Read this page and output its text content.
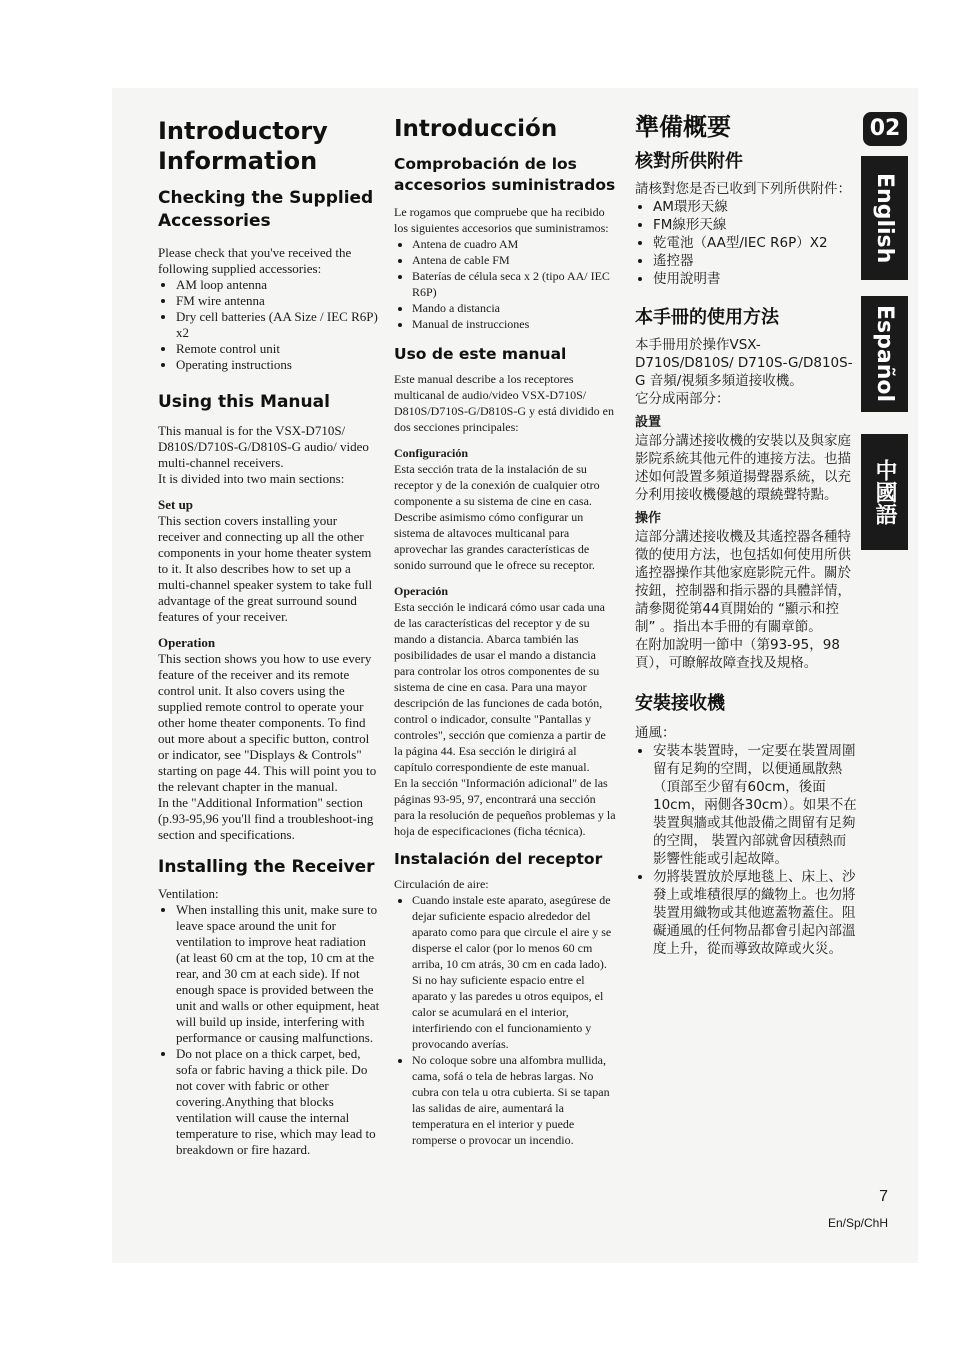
Introductory Information
Checking the Supplied Accessories

Please check that you've received the following supplied accessories:

• AM loop antenna
• FM wire antenna
• Dry cell batteries (AA Size / IEC R6P) x2
• Remote control unit
• Operating instructions
Using this Manual

This manual is for the VSX-D710S/ D810S/D710S-G/D810S-G audio/ video multi-channel receivers.

It is divided into two main sections:

Set up

This section covers installing your receiver and connecting up all the other components in your home theater system to it. It also describes how to set up a multi-channel speaker system to take full advantage of the great surround sound features of your receiver.

Operation

This section shows you how to use every feature of the receiver and its remote control unit. It also covers using the supplied remote control to operate your other home theater components. To find out more about a specific button, control or indicator, see "Displays & Controls" starting on page 44. This will point you to the relevant chapter in the manual.

In the "Additional Information" section (p.93-95,96 you'll find a troubleshoot-ing section and specifications.

Installing the Receiver

Ventilation:

• When installing this unit, make sure to leave space around the unit for ventilation to improve heat radiation (at least 60 cm at the top, 10 cm at the rear, and 30 cm at each side). If not enough space is provided between the unit and walls or other equipment, heat will build up inside, interfering with performance or causing malfunctions.
• Do not place on a thick carpet, bed, sofa or fabric having a thick pile. Do not cover with fabric or other covering.Anything that blocks ventilation will cause the internal temperature to rise, which may lead to breakdown or fire hazard.
Introducción
Comprobación de los accesorios suministrados

Le rogamos que compruebe que ha recibido los siguientes accesorios que suministramos:

• Antena de cuadro AM
• Antena de cable FM
• Baterías de célula seca x 2 (tipo AA/ IEC R6P)
• Mando a distancia
• Manual de instrucciones
Uso de este manual

Este manual describe a los receptores multicanal de audio/video VSX-D710S/ D810S/D710S-G/D810S-G y está dividido en dos secciones principales:

Configuración

Esta sección trata de la instalación de su receptor y de la conexión de cualquier otro componente a su sistema de cine en casa. Describe asimismo cómo configurar un sistema de altavoces multicanal para aprovechar las grandes características de sonido surround que le ofrece su receptor.

Operación

Esta sección le indicará cómo usar cada una de las características del receptor y de su mando a distancia. Abarca también las posibilidades de usar el mando a distancia para controlar los otros componentes de su sistema de cine en casa. Para una mayor descripción de las funciones de cada botón, control o indicador, consulte "Pantallas y controles", sección que comienza a partir de la página 44. Esa sección le dirigirá al capítulo correspondiente de este manual.

En la sección "Información adicional" de las páginas 93-95, 97, encontrará una sección para la resolución de pequeños problemas y la hoja de especificaciones (ficha técnica).

Instalación del receptor

Circulación de aire:

• Cuando instale este aparato, asegúrese de dejar suficiente espacio alrededor del aparato como para que circule el aire y se disperse el calor (por lo menos 60 cm arriba, 10 cm atrás, 30 cm en cada lado). Si no hay suficiente espacio entre el aparato y las paredes u otros equipos, el calor se acumulará en el interior, interfiriendo con el funcionamiento y provocando averías.
• No coloque sobre una alfombra mullida, cama, sofá o tela de hebras largas. No cubra con tela u otra cubierta. Si se tapan las salidas de aire, aumentará la temperatura en el interior y puede romperse o provocar un incendio.
準備概要
核對所供附件

請核對您是否已收到下列所供附件：

• AM環形天線
• FM線形天線
• 乾電池（AA型/IEC R6P）X2
• 遙控器
• 使用說明書
本手冊的使用方法

本手冊用於操作VSX-D710S/D810S/ D710S-G/D810S-G 音頻/視頻多頻道接收機。

它分成兩部分：

設置

這部分講述接收機的安裝以及與家庭影院系統其他元件的連接方法。也描述如何設置多頻道揚聲器系統，以充分利用接收機優越的環繞聲特點。

操作

這部分講述接收機及其遙控器各種特徵的使用方法，也包括如何使用所供遙控器操作其他家庭影院元件。關於按鈕，控制器和指示器的具體詳情，請參閱從第44頁開始的 “顯示和控制” 。指出本手冊的有關章節。

在附加說明一節中（第93-95，98頁），可瞭解故障查找及規格。

安裝接收機

通風：

• 安裝本裝置時，一定要在裝置周圍留有足夠的空間，以便通風散熱（頂部至少留有60cm，後面10cm，兩側各30cm）。如果不在裝置與牆或其他設備之間留有足夠的空間， 裝置內部就會因積熱而影響性能或引起故障。
• 勿將裝置放於厚地毯上、床上、沙發上或堆積很厚的織物上。也勿將裝置用織物或其他遮蓋物蓋住。阻礙通風的任何物品都會引起內部溫度上升，從而導致故障或火災。
02
English
Español
中國語
7
En/Sp/ChH
